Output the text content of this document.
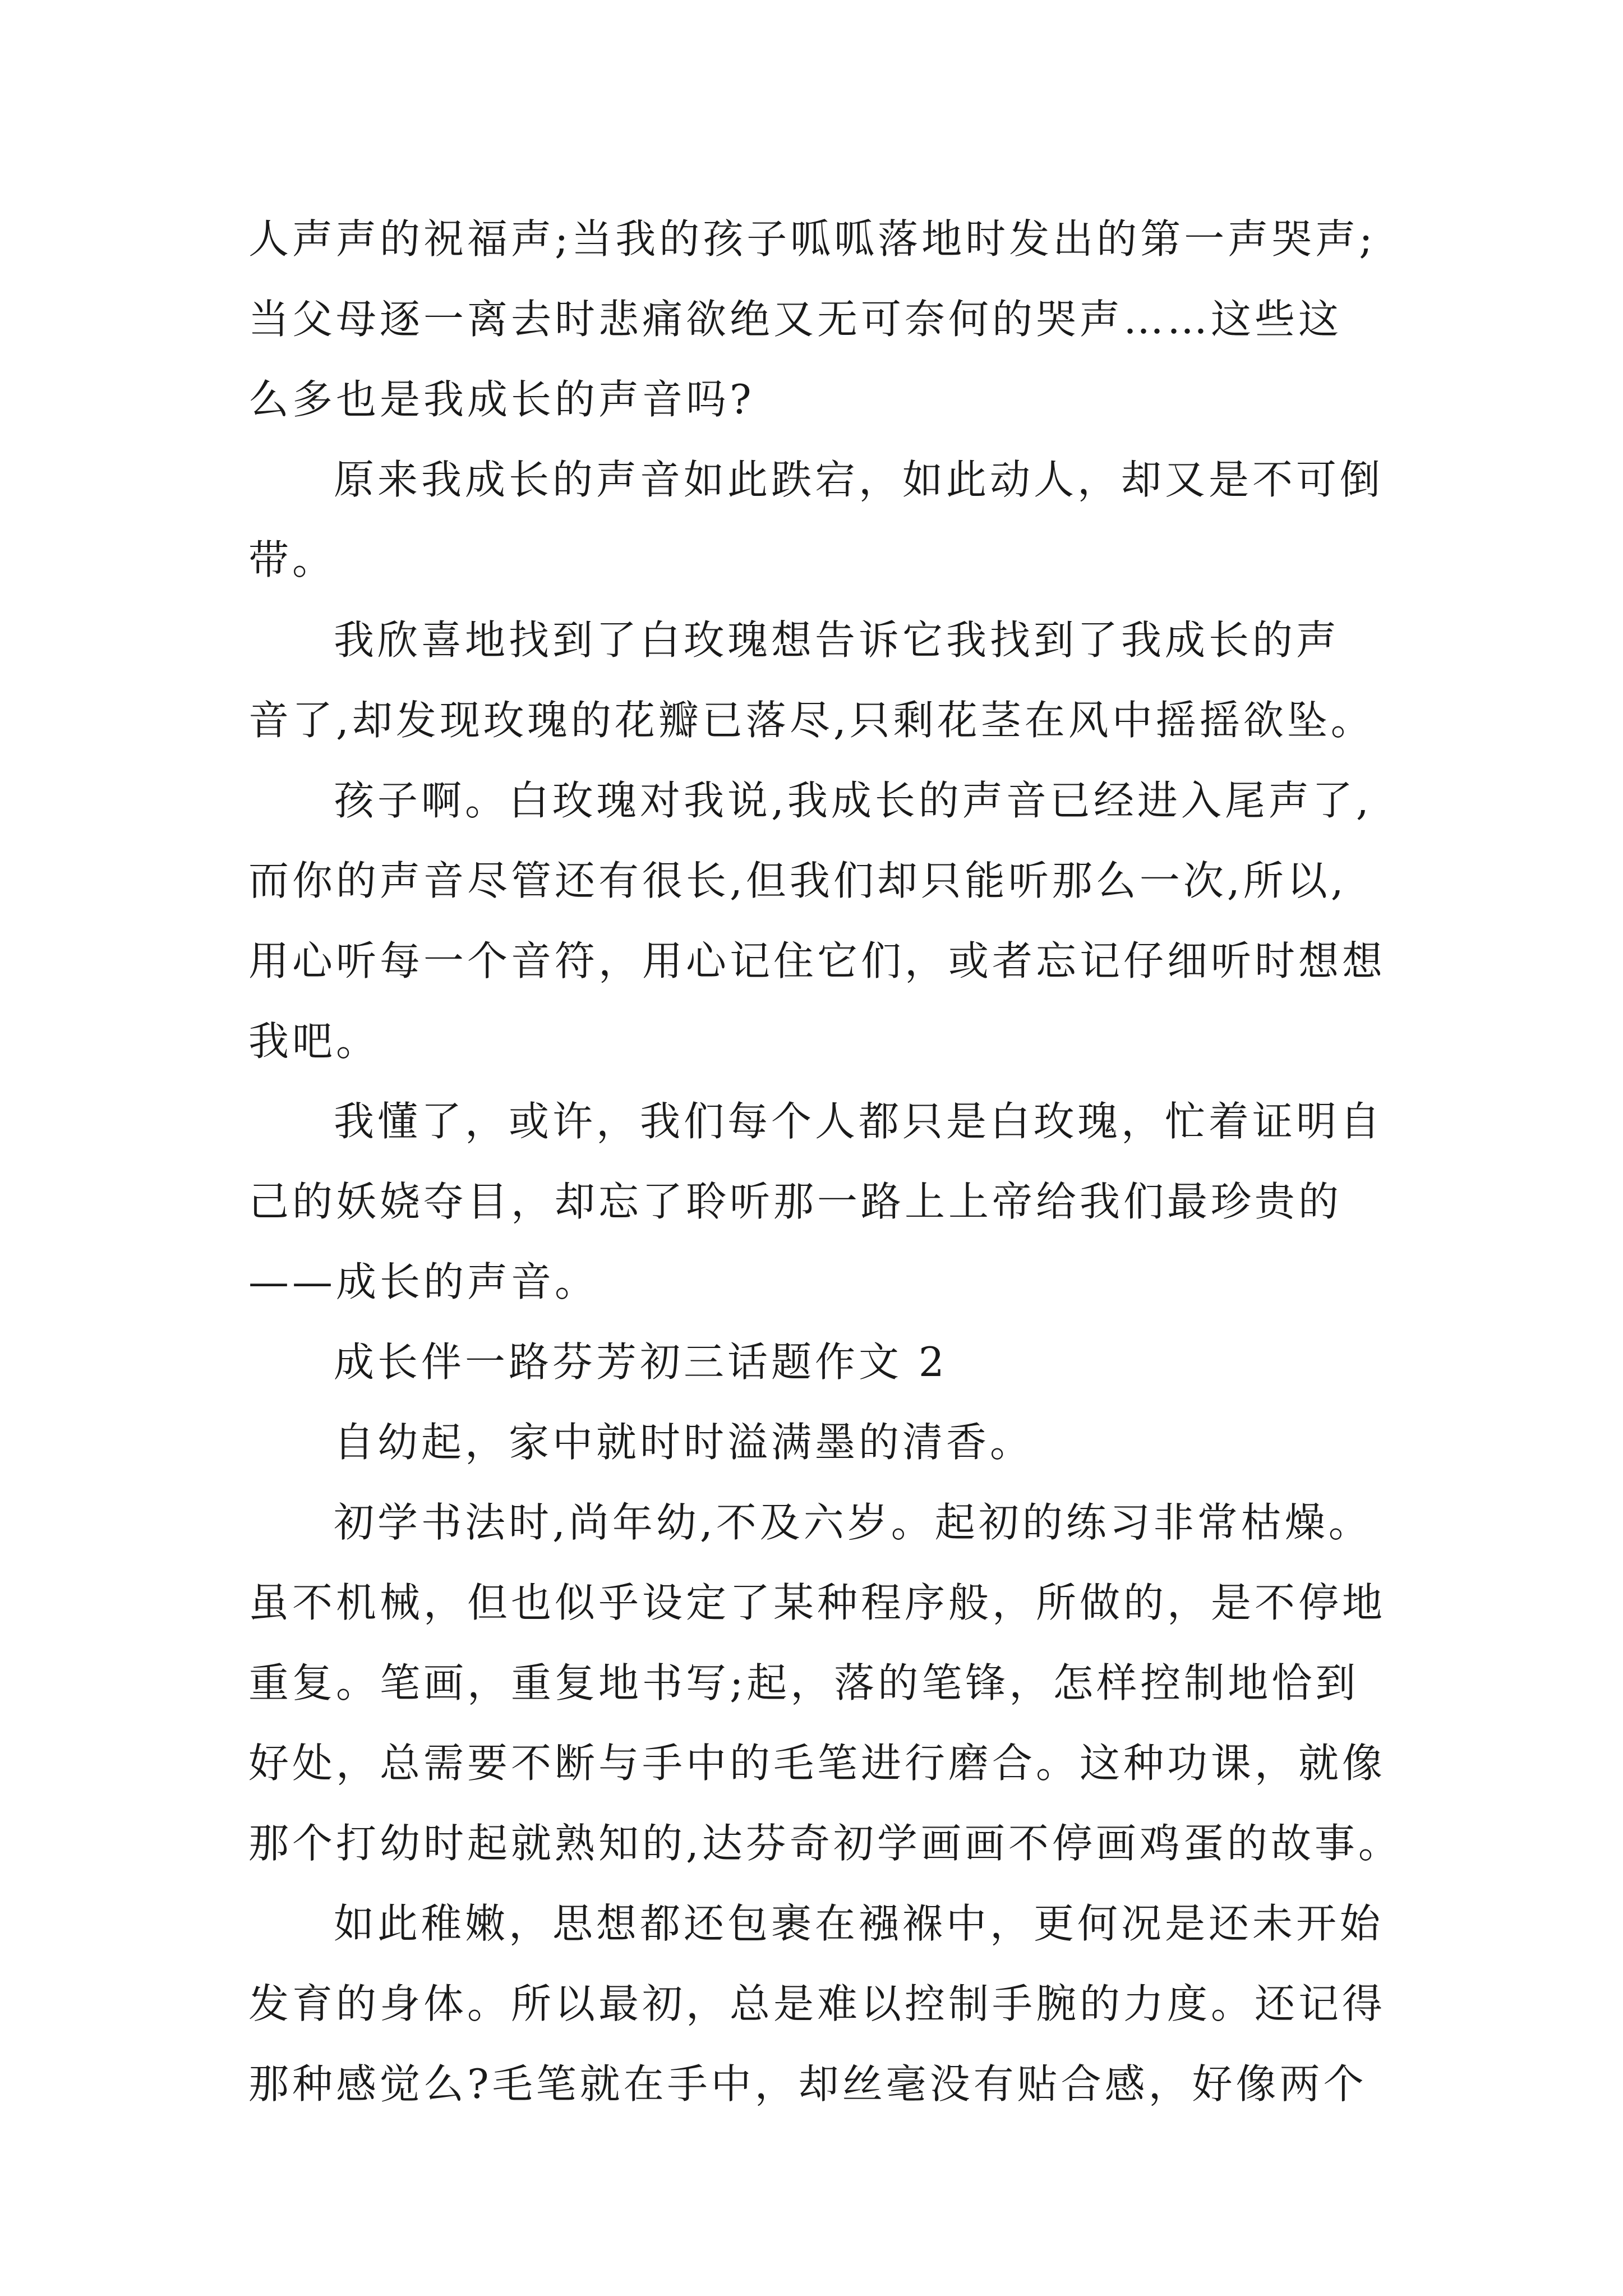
人声声的祝福声;当我的孩子呱呱落地时发出的第一声哭声;
当父母逐一离去时悲痛欲绝又无可奈何的哭声……这些这
么多也是我成长的声音吗?
原来我成长的声音如此跌宕，如此动人，却又是不可倒
带。
我欣喜地找到了白玫瑰想告诉它我找到了我成长的声
音了,却发现玫瑰的花瓣已落尽,只剩花茎在风中摇摇欲坠。
孩子啊。白玫瑰对我说,我成长的声音已经进入尾声了,
而你的声音尽管还有很长,但我们却只能听那么一次,所以,
用心听每一个音符，用心记住它们，或者忘记仔细听时想想
我吧。
我懂了，或许，我们每个人都只是白玫瑰，忙着证明自
己的妖娆夺目，却忘了聆听那一路上上帝给我们最珍贵的
——成长的声音。
成长伴一路芬芳初三话题作文 2
自幼起，家中就时时溢满墨的清香。
初学书法时,尚年幼,不及六岁。起初的练习非常枯燥。
虽不机械，但也似乎设定了某种程序般，所做的，是不停地
重复。笔画，重复地书写;起，落的笔锋，怎样控制地恰到
好处，总需要不断与手中的毛笔进行磨合。这种功课，就像
那个打幼时起就熟知的,达芬奇初学画画不停画鸡蛋的故事。
如此稚嫩，思想都还包裹在襁褓中，更何况是还未开始
发育的身体。所以最初，总是难以控制手腕的力度。还记得
那种感觉么?毛笔就在手中，却丝毫没有贴合感，好像两个
